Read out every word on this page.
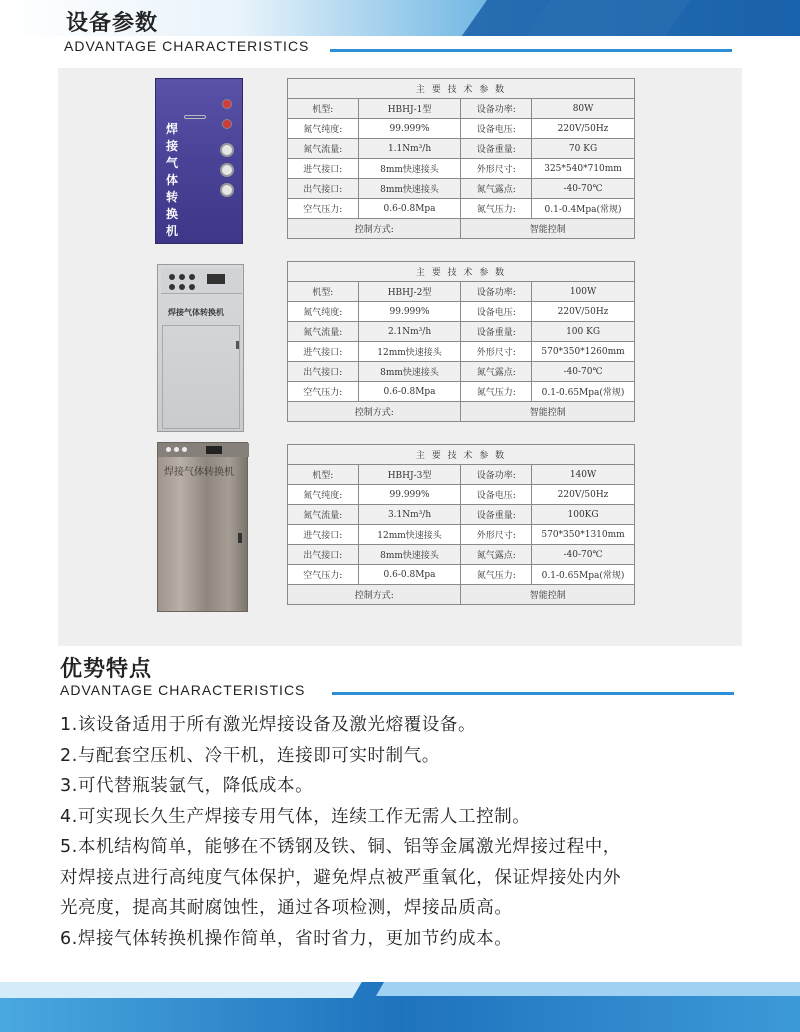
设备参数
ADVANTAGE CHARACTERISTICS
焊接气体转换机
焊接气体转换机
焊接气体转换机
主 要 技 术 参 数			
机型:	HBHJ-1型	设备功率:	80W
氮气纯度:	99.999%	设备电压:	220V/50Hz
氮气流量:	1.1Nm³/h	设备重量:	70 KG
进气接口:	8mm快速接头	外形尺寸:	325*540*710mm
出气接口:	8mm快速接头	氮气露点:	-40-70℃
空气压力:	0.6-0.8Mpa	氮气压力:	0.1-0.4Mpa(常规)
控制方式:		智能控制	
主 要 技 术 参 数			
机型:	HBHJ-2型	设备功率:	100W
氮气纯度:	99.999%	设备电压:	220V/50Hz
氮气流量:	2.1Nm³/h	设备重量:	100 KG
进气接口:	12mm快速接头	外形尺寸:	570*350*1260mm
出气接口:	8mm快速接头	氮气露点:	-40-70℃
空气压力:	0.6-0.8Mpa	氮气压力:	0.1-0.65Mpa(常规)
控制方式:		智能控制	
主 要 技 术 参 数			
机型:	HBHJ-3型	设备功率:	140W
氮气纯度:	99.999%	设备电压:	220V/50Hz
氮气流量:	3.1Nm³/h	设备重量:	100KG
进气接口:	12mm快速接头	外形尺寸:	570*350*1310mm
出气接口:	8mm快速接头	氮气露点:	-40-70℃
空气压力:	0.6-0.8Mpa	氮气压力:	0.1-0.65Mpa(常规)
控制方式:		智能控制	
优势特点
ADVANTAGE CHARACTERISTICS

1.该设备适用于所有激光焊接设备及激光熔覆设备。

2.与配套空压机、冷干机，连接即可实时制气。

3.可代替瓶装氩气，降低成本。

4.可实现长久生产焊接专用气体，连续工作无需人工控制。

5.本机结构简单，能够在不锈钢及铁、铜、铝等金属激光焊接过程中，

对焊接点进行高纯度气体保护，避免焊点被严重氧化，保证焊接处内外

光亮度，提高其耐腐蚀性，通过各项检测，焊接品质高。

6.焊接气体转换机操作简单，省时省力，更加节约成本。
